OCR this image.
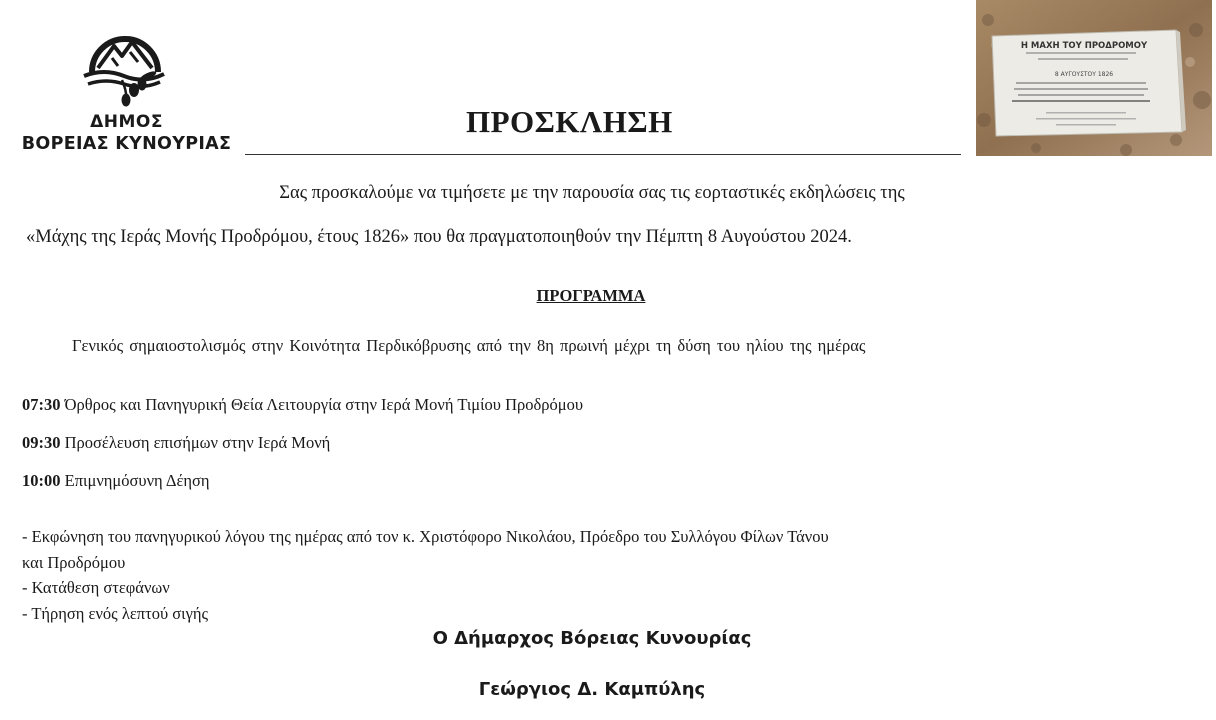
ΔΗΜΟΣ
ΒΟΡΕΙΑΣ ΚΥΝΟΥΡΙΑΣ
ΠΡΟΣΚΛΗΣΗ
Η ΜΑΧΗ ΤΟΥ ΠΡΟΔΡΟΜΟΥ
8 ΑΥΓΟΥΣΤΟΥ 1826
Σας προσκαλούμε να τιμήσετε με την παρουσία σας τις εορταστικές εκδηλώσεις της
«Μάχης της Ιεράς Μονής Προδρόμου, έτους 1826» που θα πραγματοποιηθούν την Πέμπτη 8 Αυγούστου 2024.
ΠΡΟΓΡΑΜΜΑ
Γενικός σημαιοστολισμός στην Κοινότητα Περδικόβρυσης από την 8η πρωινή μέχρι τη δύση του ηλίου της ημέρας
07:30 Όρθρος και Πανηγυρική Θεία Λειτουργία στην Ιερά Μονή Τιμίου Προδρόμου
09:30 Προσέλευση επισήμων στην Ιερά Μονή
10:00 Επιμνημόσυνη Δέηση
- Εκφώνηση του πανηγυρικού λόγου της ημέρας από τον κ. Χριστόφορο Νικολάου, Πρόεδρο του Συλλόγου Φίλων Τάνου
και Προδρόμου
- Κατάθεση στεφάνων
- Τήρηση ενός λεπτού σιγής
Ο Δήμαρχος Βόρειας Κυνουρίας
Γεώργιος Δ. Καμπύλης
